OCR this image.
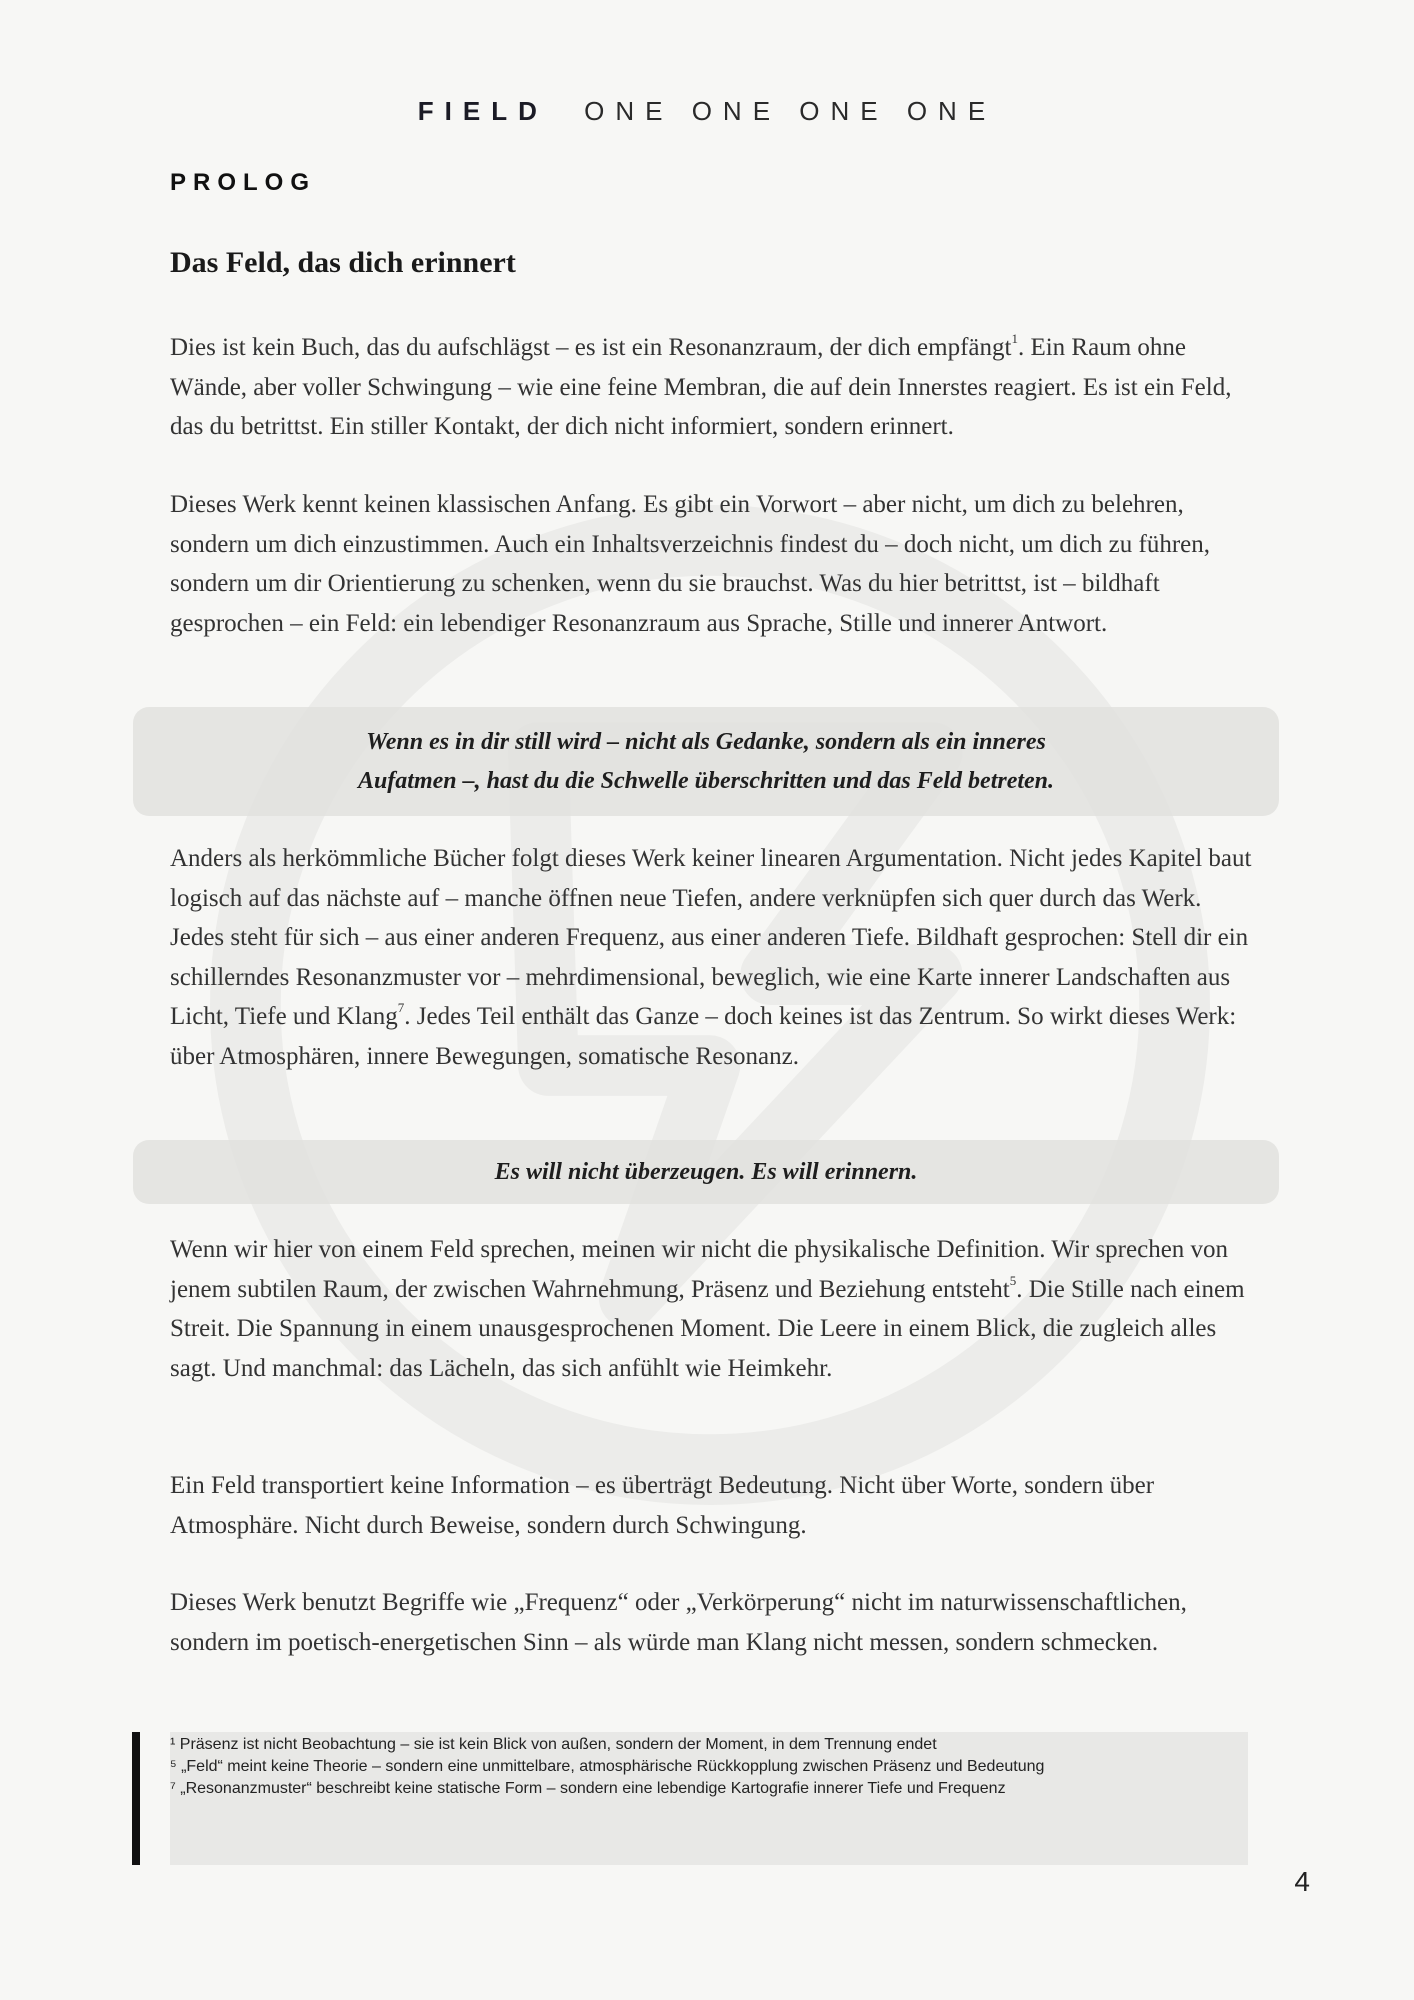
FIELD ONE ONE ONE ONE
PROLOG
Das Feld, das dich erinnert
Dies ist kein Buch, das du aufschlägst – es ist ein Resonanzraum, der dich empfängt$^1$. Ein Raum ohne Wände, aber voller Schwingung – wie eine feine Membran, die auf dein Innerstes reagiert. Es ist ein Feld, das du betrittst. Ein stiller Kontakt, der dich nicht informiert, sondern erinnert.
Dieses Werk kennt keinen klassischen Anfang. Es gibt ein Vorwort – aber nicht, um dich zu belehren, sondern um dich einzustimmen. Auch ein Inhaltsverzeichnis findest du – doch nicht, um dich zu führen, sondern um dir Orientierung zu schenken, wenn du sie brauchst. Was du hier betrittst, ist – bildhaft gesprochen – ein Feld: ein lebendiger Resonanzraum aus Sprache, Stille und innerer Antwort.
Wenn es in dir still wird – nicht als Gedanke, sondern als ein inneres
Aufatmen –, hast du die Schwelle überschritten und das Feld betreten.
Anders als herkömmliche Bücher folgt dieses Werk keiner linearen Argumentation. Nicht jedes Kapitel baut logisch auf das nächste auf – manche öffnen neue Tiefen, andere verknüpfen sich quer durch das Werk. Jedes steht für sich – aus einer anderen Frequenz, aus einer anderen Tiefe. Bildhaft gesprochen: Stell dir ein schillerndes Resonanzmuster vor – mehrdimensional, beweglich, wie eine Karte innerer Landschaften aus Licht, Tiefe und Klang$^7$. Jedes Teil enthält das Ganze – doch keines ist das Zentrum. So wirkt dieses Werk: über Atmosphären, innere Bewegungen, somatische Resonanz.
Es will nicht überzeugen. Es will erinnern.
Wenn wir hier von einem Feld sprechen, meinen wir nicht die physikalische Definition. Wir sprechen von jenem subtilen Raum, der zwischen Wahrnehmung, Präsenz und Beziehung entsteht$^5$. Die Stille nach einem Streit. Die Spannung in einem unausgesprochenen Moment. Die Leere in einem Blick, die zugleich alles sagt. Und manchmal: das Lächeln, das sich anfühlt wie Heimkehr.
Ein Feld transportiert keine Information – es überträgt Bedeutung. Nicht über Worte, sondern über Atmosphäre. Nicht durch Beweise, sondern durch Schwingung.
Dieses Werk benutzt Begriffe wie „Frequenz“ oder „Verkörperung“ nicht im naturwissenschaftlichen, sondern im poetisch-energetischen Sinn – als würde man Klang nicht messen, sondern schmecken.
¹ Präsenz ist nicht Beobachtung – sie ist kein Blick von außen, sondern der Moment, in dem Trennung endet
⁵ „Feld“ meint keine Theorie – sondern eine unmittelbare, atmosphärische Rückkopplung zwischen Präsenz und Bedeutung
⁷ „Resonanzmuster“ beschreibt keine statische Form – sondern eine lebendige Kartografie innerer Tiefe und Frequenz
4
